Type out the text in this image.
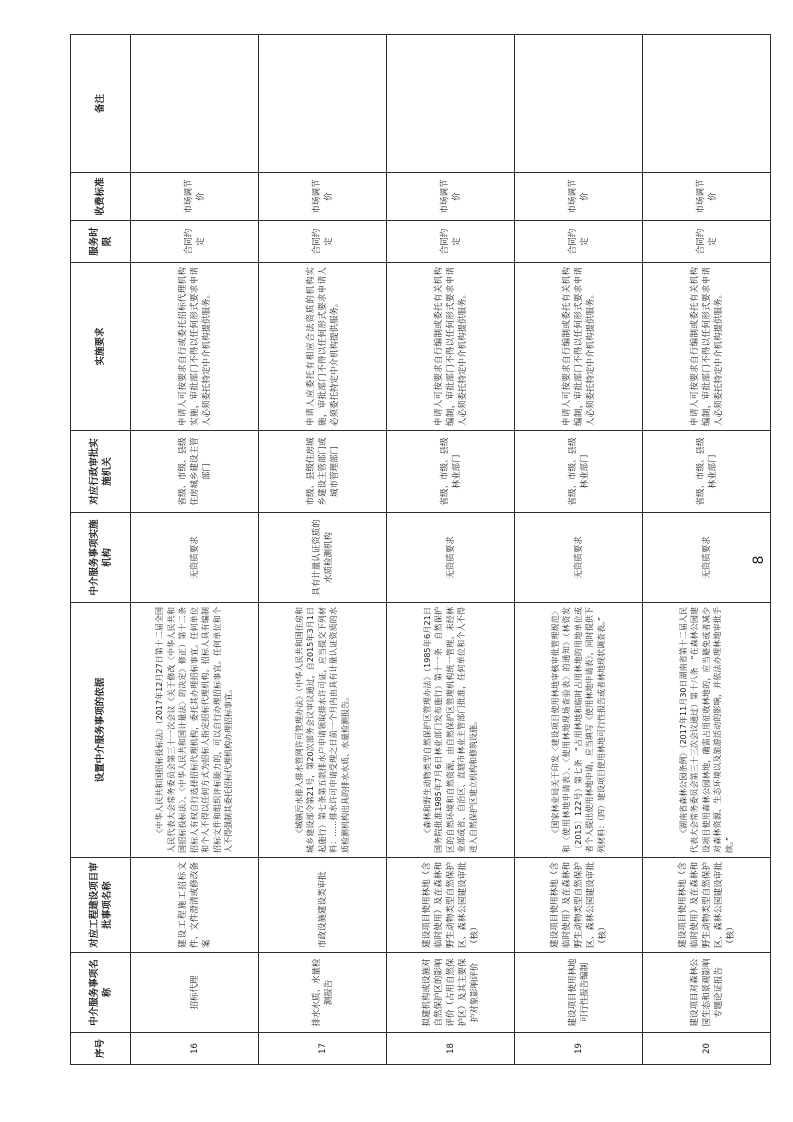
序号	中介服务事项名称	对应工程建设项目审批事项名称	设置中介服务事项的依据	中介服务事项实施机构	对应行政审批实施机关	实施要求	服务时限	收费标准	备注
16	招标代理	建设工程施工招标文件、文件澄清或修改备案	《中华人民共和国招标投标法》（2017年12月27日第十二届全国人民代表大会常务委员会第三十一次会议《关于修改〈中华人民共和国招标投标法〉、〈中华人民共和国计量法〉的决定》修正）第十二条招标人有权自行选择招标代理机构，委托其办理招标事宜。任何单位和个人不得以任何方式为招标人指定招标代理机构。招标人具有编制招标文件和组织评标能力的，可以自行办理招标事宜。任何单位和个人不得强制其委托招标代理机构办理招标事宜。	无资质要求	省级、市级、县级住房城乡建设主管部门	申请人可按要求自行或委托招标代理机构实施，审批部门不得以任何形式要求申请人必须委托特定中介机构提供服务。	合同约定	市场调节价	
17	排水水质、水量检测报告	市政设施建设类审批	《城镇污水排入排水管网许可管理办法》（中华人民共和国住房和城乡建设部令第21号，第20次部务会议审议通过，自2015年3月1日起施行）第七条第五款排水户申请领取排水许可证，应当提交下列材料：……排水许可申请受理之日前一个月内由具有计量认证资质的水质检测机构出具的排水水质、水量检测报告。	具有计量认证资质的水质检测机构	市级、县级住房城乡建设主管部门或城市管理部门	申请人应委托有相应合法资质的机构实施，审批部门不得以任何形式要求申请人必须委托特定中介机构提供服务。	合同约定	市场调节价	
18	拟建机构或设施对自然保护区的影响评价（占用自然保护区）及其主要保护对象影响评价	建设项目使用林地（含临时使用）及在森林和野生动物类型自然保护区、森林公园建设审批（核）	《森林和野生动物类型自然保护区管理办法》（1985年6月21日国务院批准1985年7月6日林业部门发布施行）第十一条　自然保护区的自然环境和自然资源，由自然保护区管理机构统一管理。未经林业部或省、自治区、直辖市林业主管部门批准，任何单位和个人不得进入自然保护区建立机构和修筑设施。	无资质要求	省级、市级、县级林业部门	申请人可按要求自行编制或委托有关机构编制，审批部门不得以任何形式要求申请人必须委托特定中介机构提供服务。	合同约定	市场调节价	
19	建设项目使用林地可行性报告编制	建设项目使用林地（含临时使用）及在森林和野生动物类型自然保护区、森林公园建设审批（核）	《国家林业局关于印发〈建设项目使用林地审核审批管理规范〉和〈使用林地申请表〉、〈使用林地现场查验表〉的通知》（林资发〔2015〕122号）第七条　“占用林地和临时占用林地的用地单位或者个人提出使用林地申请，应当填写《使用林地申请表》，同时提供下列材料：（四）建设项目使用林地可行性报告或者林地现状调查表。”	无资质要求	省级、市级、县级林业部门	申请人可按要求自行编制或委托有关机构编制，审批部门不得以任何形式要求申请人必须委托特定中介机构提供服务。	合同约定	市场调节价	
20	建设项目对森林公园生态和景观影响专题论证报告	建设项目使用林地（含临时使用）及在森林和野生动物类型自然保护区、森林公园建设审批（核）	《湖南省森林公园条例》（2017年11月30日湖南省第十二届人民代表大会常务委员会第三十三次会议通过）第十八条　“在森林公园建设项目使用森林公园林地，确需占用征收林地的，应当避免或者减少对森林资源、生态环境以及旅游活动的影响，并依法办理林地审批手续。”	无资质要求	省级、市级、县级林业部门	申请人可按要求自行编制或委托有关机构编制，审批部门不得以任何形式要求申请人必须委托特定中介机构提供服务。	合同约定	市场调节价	
8
